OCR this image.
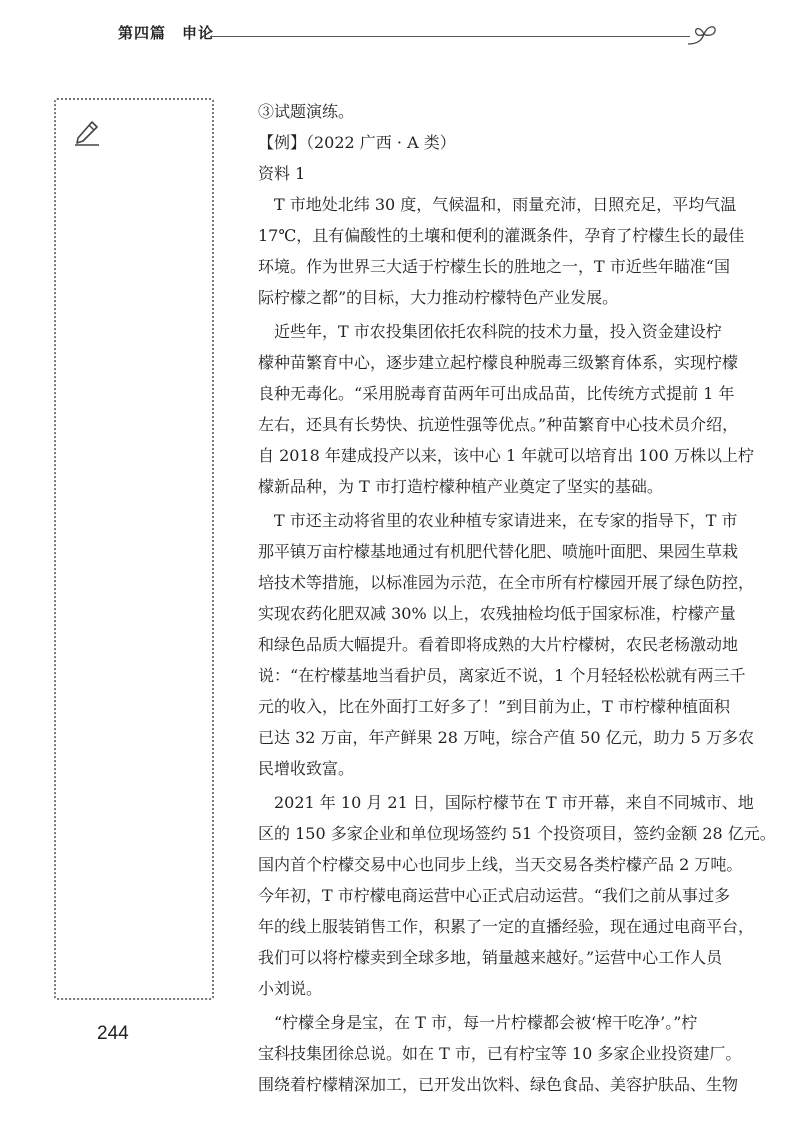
第四篇　申论
③试题演练。
【例】（2022 广西 · A 类）
资料 1
　T 市地处北纬 30 度，气候温和，雨量充沛，日照充足，平均气温
17℃，且有偏酸性的土壤和便利的灌溉条件，孕育了柠檬生长的最佳
环境。作为世界三大适于柠檬生长的胜地之一，T 市近些年瞄准“国
际柠檬之都”的目标，大力推动柠檬特色产业发展。
　近些年，T 市农投集团依托农科院的技术力量，投入资金建设柠
檬种苗繁育中心，逐步建立起柠檬良种脱毒三级繁育体系，实现柠檬
良种无毒化。“采用脱毒育苗两年可出成品苗，比传统方式提前 1 年
左右，还具有长势快、抗逆性强等优点。”种苗繁育中心技术员介绍，
自 2018 年建成投产以来，该中心 1 年就可以培育出 100 万株以上柠
檬新品种，为 T 市打造柠檬种植产业奠定了坚实的基础。
　T 市还主动将省里的农业种植专家请进来，在专家的指导下，T 市
那平镇万亩柠檬基地通过有机肥代替化肥、喷施叶面肥、果园生草栽
培技术等措施，以标准园为示范，在全市所有柠檬园开展了绿色防控，
实现农药化肥双减 30% 以上，农残抽检均低于国家标准，柠檬产量
和绿色品质大幅提升。看着即将成熟的大片柠檬树，农民老杨激动地
说：“在柠檬基地当看护员，离家近不说，1 个月轻轻松松就有两三千
元的收入，比在外面打工好多了！”到目前为止，T 市柠檬种植面积
已达 32 万亩，年产鲜果 28 万吨，综合产值 50 亿元，助力 5 万多农
民增收致富。
　2021 年 10 月 21 日，国际柠檬节在 T 市开幕，来自不同城市、地
区的 150 多家企业和单位现场签约 51 个投资项目，签约金额 28 亿元。
国内首个柠檬交易中心也同步上线，当天交易各类柠檬产品 2 万吨。
今年初，T 市柠檬电商运营中心正式启动运营。“我们之前从事过多
年的线上服装销售工作，积累了一定的直播经验，现在通过电商平台，
我们可以将柠檬卖到全球多地，销量越来越好。”运营中心工作人员
小刘说。
　“柠檬全身是宝，在 T 市，每一片柠檬都会被‘榨干吃净’。”柠
宝科技集团徐总说。如在 T 市，已有柠宝等 10 多家企业投资建厂。
围绕着柠檬精深加工，已开发出饮料、绿色食品、美容护肤品、生物
244
